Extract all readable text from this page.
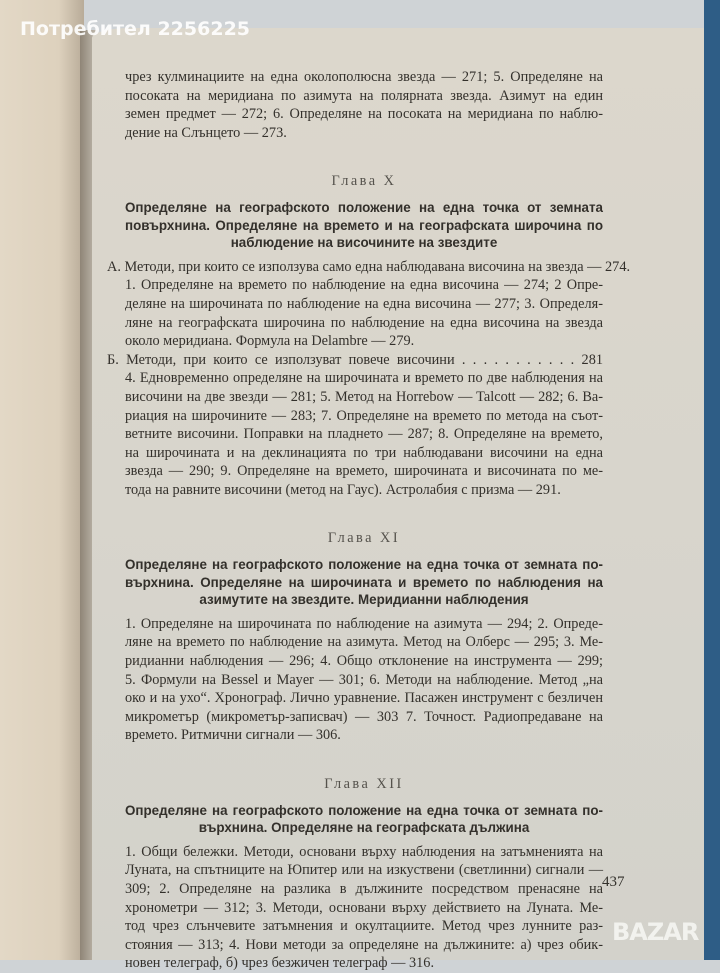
чрез кулминациите на една околополюсна звезда — 271; 5. Определяне на
посоката на меридиана по азимута на полярната звезда. Азимут на един
земен предмет — 272; 6. Определяне на посоката на меридиана по наблю-
дение на Слънцето — 273.
Глава X
Определяне на географското положение на една точка от земната
повърхнина. Определяне на времето и на географската широчина по
наблюдение на височините на звездите
А. Методи, при които се използува само една наблюдавана височина на звезда — 274.
1. Определяне на времето по наблюдение на една височина — 274; 2 Опре-
деляне на широчината по наблюдение на една височина — 277; 3. Определя-
ляне на географската широчина по наблюдение на една височина на звезда
около меридиана. Формула на Delambre — 279.
Б. Методи, при които се използуват повече височини . . . . . . . . . . . 281
4. Едновременно определяне на широчината и времето по две наблюдения на
височини на две звезди — 281; 5. Метод на Horrebow — Talcott — 282; 6. Ва-
риация на широчините — 283; 7. Определяне на времето по метода на съот-
ветните височини. Поправки на пладнето — 287; 8. Определяне на времето,
на широчината и на деклинацията по три наблюдавани височини на една
звезда — 290; 9. Определяне на времето, широчината и височината по ме-
тода на равните височини (метод на Гаус). Астролабия с призма — 291.
Глава XI
Определяне на географското положение на една точка от земната по-
върхнина. Определяне на широчината и времето по наблюдения на
азимутите на звездите. Меридианни наблюдения
1. Определяне на широчината по наблюдение на азимута — 294; 2. Опреде-
ляне на времето по наблюдение на азимута. Метод на Олберс — 295; 3. Ме-
ридианни наблюдения — 296; 4. Общо отклонение на инструмента — 299;
5. Формули на Bessel и Mayer — 301; 6. Методи на наблюдение. Метод „на
око и на ухо“. Хронограф. Лично уравнение. Пасажен инструмент с безличен
микрометър (микрометър-записвач) — 303 7. Точност. Радиопредаване на
времето. Ритмични сигнали — 306.
Глава XII
Определяне на географското положение на една точка от земната по-
върхнина. Определяне на географската дължина
1. Общи бележки. Методи, основани върху наблюдения на затъмненията на
Луната, на спътниците на Юпитер или на изкуствени (светлинни) сигнали —
309; 2. Определяне на разлика в дължините посредством пренасяне на
хронометри — 312; 3. Методи, основани върху действието на Луната. Ме-
тод чрез слънчевите затъмнения и окултациите. Метод чрез лунните раз-
стояния — 313; 4. Нови методи за определяне на дължините: а) чрез обик-
новен телеграф, б) чрез безжичен телеграф — 316.
437
Потребител 2256225
BAZAR
